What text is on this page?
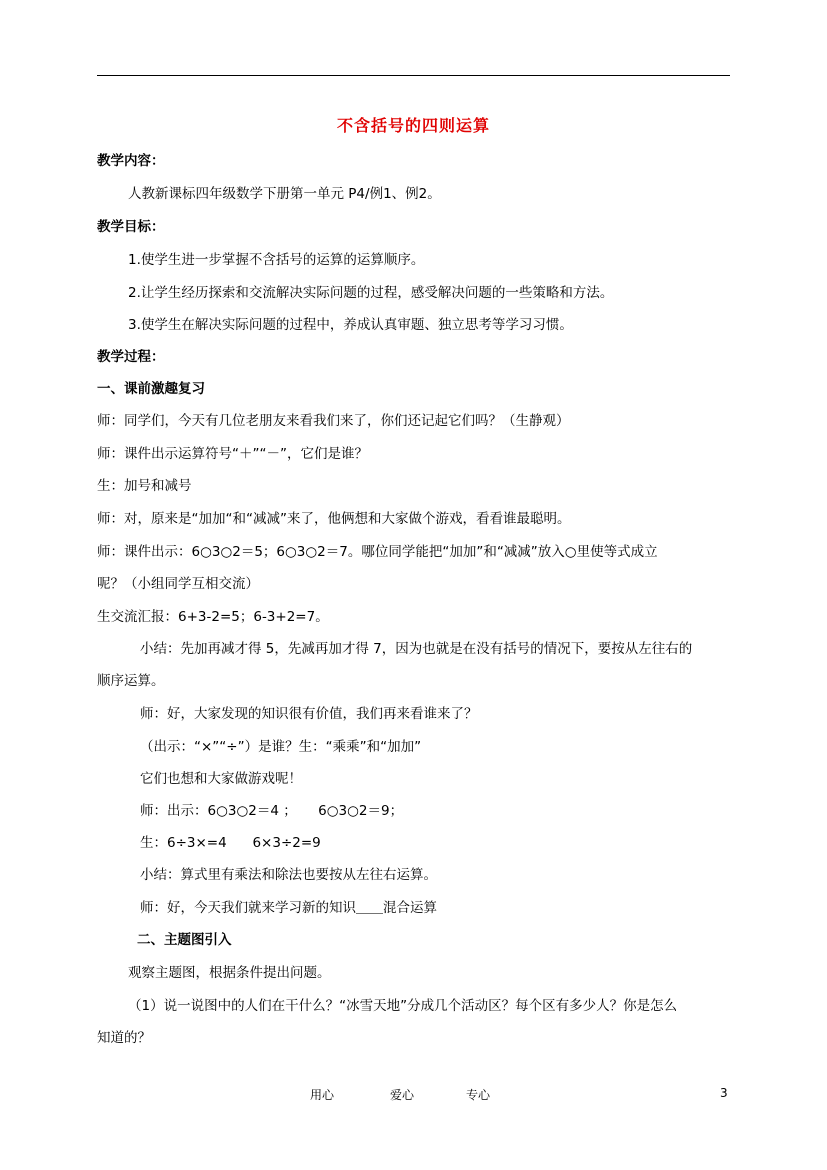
不含括号的四则运算
教学内容：
人教新课标四年级数学下册第一单元 P4/例1、例2。
教学目标：
1.使学生进一步掌握不含括号的运算的运算顺序。
2.让学生经历探索和交流解决实际问题的过程，感受解决问题的一些策略和方法。
3.使学生在解决实际问题的过程中，养成认真审题、独立思考等学习习惯。
教学过程：
一、课前激趣复习
师：同学们，今天有几位老朋友来看我们来了，你们还记起它们吗？（生静观）
师：课件出示运算符号“＋”“－”，它们是谁？
生：加号和减号
师：对，原来是“加加“和“减减”来了，他俩想和大家做个游戏，看看谁最聪明。
师：课件出示：6○3○2＝5；6○3○2＝7。哪位同学能把“加加”和“减减”放入○里使等式成立
呢？（小组同学互相交流）
生交流汇报：6+3-2=5；6-3+2=7。
小结：先加再减才得 5，先减再加才得 7，因为也就是在没有括号的情况下，要按从左往右的
顺序运算。
师：好，大家发现的知识很有价值，我们再来看谁来了？
（出示：“×”“÷”）是谁？生：“乘乘”和“加加”
它们也想和大家做游戏呢！
师：出示：6○3○2＝4 ；     6○3○2＝9；
生：6÷3×=4      6×3÷2=9
小结：算式里有乘法和除法也要按从左往右运算。
师：好，今天我们就来学习新的知识＿＿混合运算
二、主题图引入
观察主题图，根据条件提出问题。
（1）说一说图中的人们在干什么？“冰雪天地”分成几个活动区？每个区有多少人？你是怎么
知道的？
用心	爱心	专心	3
